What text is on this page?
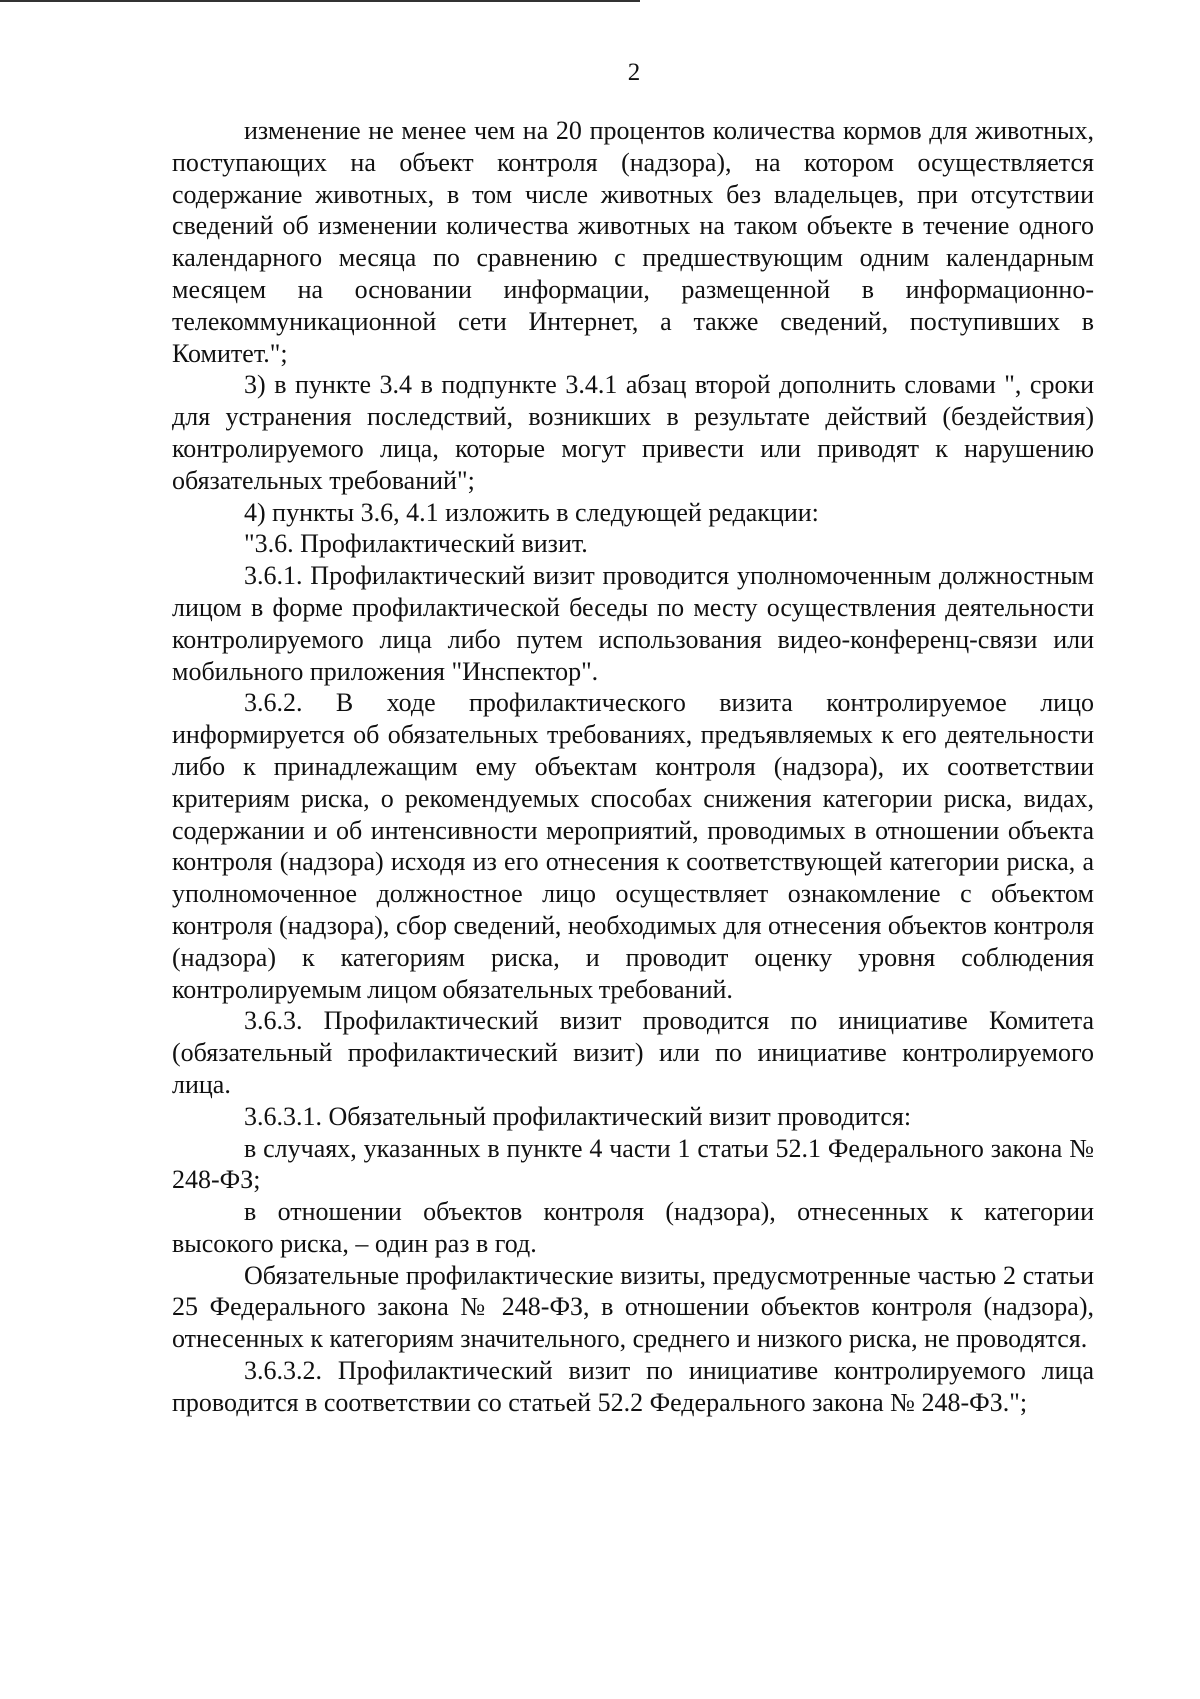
2

изменение не менее чем на 20 процентов количества кормов для животных, поступающих на объект контроля (надзора), на котором осуществляется содержание животных, в том числе животных без владельцев, при отсутствии сведений об изменении количества животных на таком объекте в течение одного календарного месяца по сравнению с предшествующим одним календарным месяцем на основании информации, размещенной в информационно-телекоммуникационной сети Интернет, а также сведений, поступивших в Комитет.";

3) в пункте 3.4 в подпункте 3.4.1 абзац второй дополнить словами ", сроки для устранения последствий, возникших в результате действий (бездействия) контролируемого лица, которые могут привести или приводят к нарушению обязательных требований";

4) пункты 3.6, 4.1 изложить в следующей редакции:

"3.6. Профилактический визит.

3.6.1. Профилактический визит проводится уполномоченным должностным лицом в форме профилактической беседы по месту осуществления деятельности контролируемого лица либо путем использования видео-конференц-связи или мобильного приложения "Инспектор".

3.6.2. В ходе профилактического визита контролируемое лицо информируется об обязательных требованиях, предъявляемых к его деятельности либо к принадлежащим ему объектам контроля (надзора), их соответствии критериям риска, о рекомендуемых способах снижения категории риска, видах, содержании и об интенсивности мероприятий, проводимых в отношении объекта контроля (надзора) исходя из его отнесения к соответствующей категории риска, а уполномоченное должностное лицо осуществляет ознакомление с объектом контроля (надзора), сбор сведений, необходимых для отнесения объектов контроля (надзора) к категориям риска, и проводит оценку уровня соблюдения контролируемым лицом обязательных требований.

3.6.3. Профилактический визит проводится по инициативе Комитета (обязательный профилактический визит) или по инициативе контролируемого лица.

3.6.3.1. Обязательный профилактический визит проводится:

в случаях, указанных в пункте 4 части 1 статьи 52.1 Федерального закона № 248-ФЗ;

в отношении объектов контроля (надзора), отнесенных к категории высокого риска, – один раз в год.

Обязательные профилактические визиты, предусмотренные частью 2 статьи 25 Федерального закона № 248-ФЗ, в отношении объектов контроля (надзора), отнесенных к категориям значительного, среднего и низкого риска, не проводятся.

3.6.3.2. Профилактический визит по инициативе контролируемого лица проводится в соответствии со статьей 52.2 Федерального закона № 248-ФЗ.";
